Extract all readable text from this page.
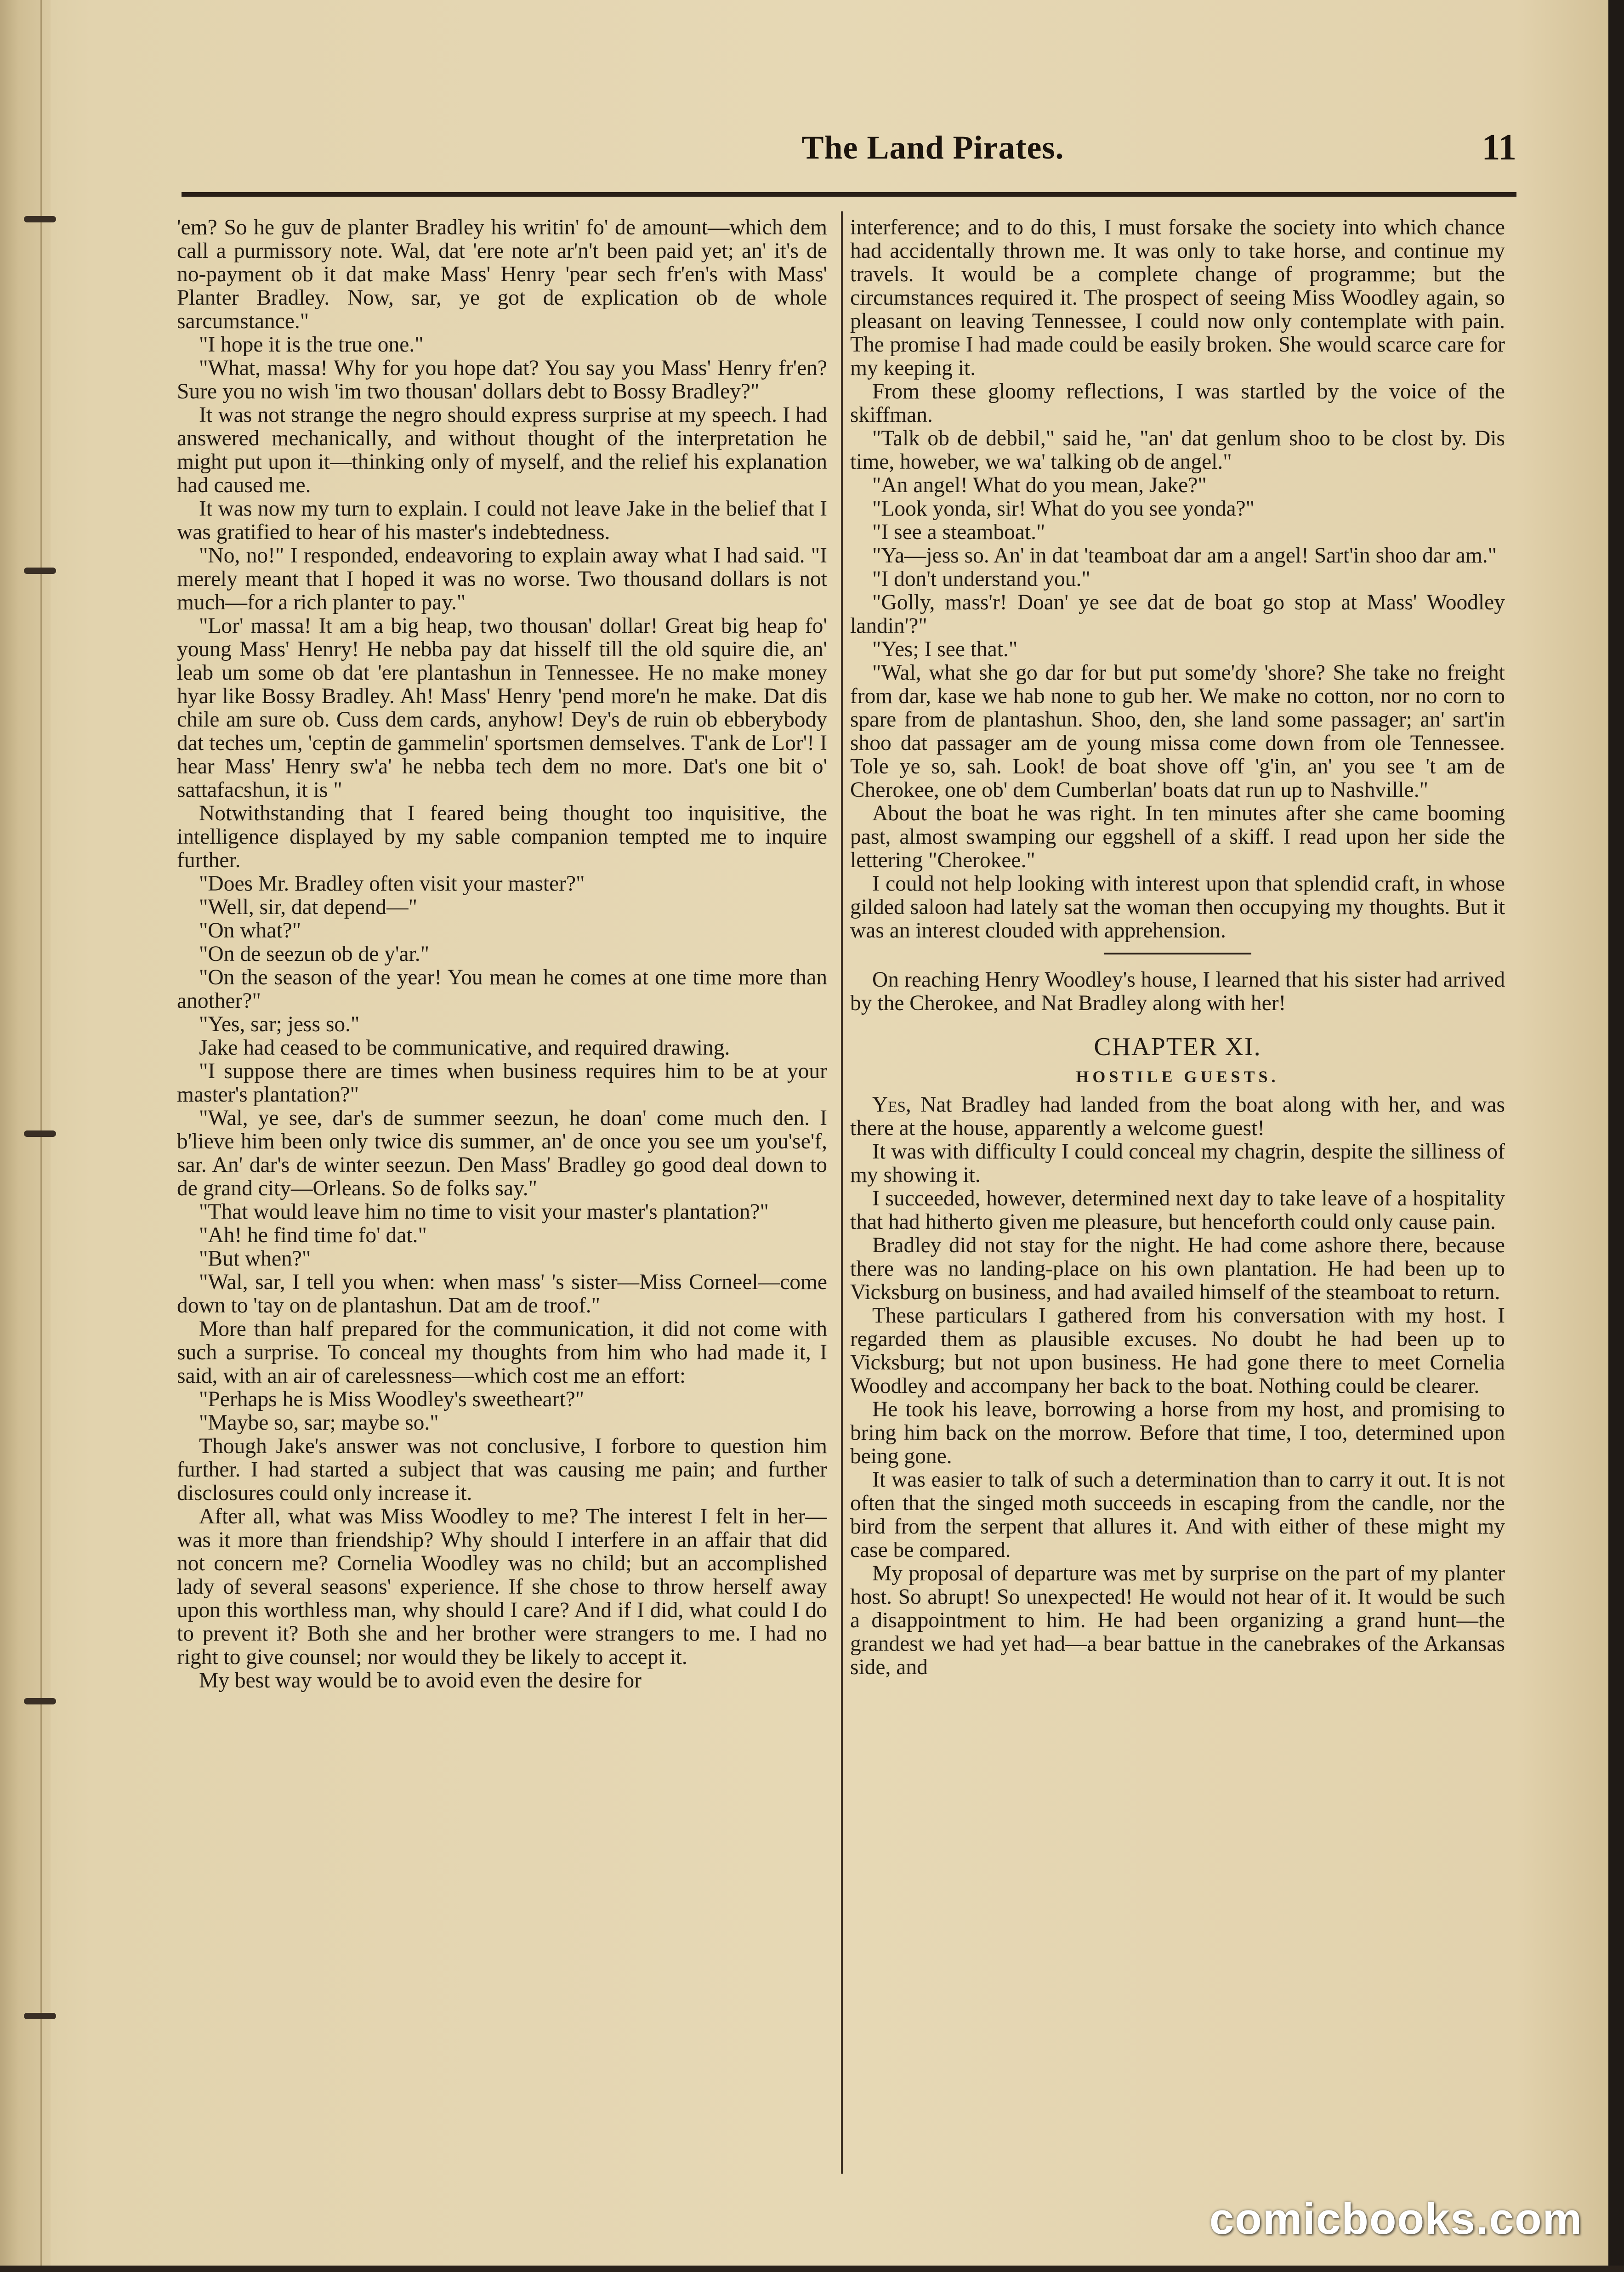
The Land Pirates.	11

'em? So he guv de planter Bradley his writin' fo' de amount—which dem call a purmissory note. Wal, dat 'ere note ar'n't been paid yet; an' it's de no-payment ob it dat make Mass' Henry 'pear sech fr'en's with Mass' Planter Bradley. Now, sar, ye got de explication ob de whole sarcumstance."

"I hope it is the true one."

"What, massa! Why for you hope dat? You say you Mass' Henry fr'en? Sure you no wish 'im two thousan' dollars debt to Bossy Bradley?"

It was not strange the negro should express surprise at my speech. I had answered mechanically, and without thought of the interpretation he might put upon it—thinking only of myself, and the relief his explanation had caused me.

It was now my turn to explain. I could not leave Jake in the belief that I was gratified to hear of his master's indebtedness.

"No, no!" I responded, endeavoring to explain away what I had said. "I merely meant that I hoped it was no worse. Two thousand dollars is not much—for a rich planter to pay."

"Lor' massa! It am a big heap, two thousan' dollar! Great big heap fo' young Mass' Henry! He nebba pay dat hisself till the old squire die, an' leab um some ob dat 'ere plantashun in Tennessee. He no make money hyar like Bossy Bradley. Ah! Mass' Henry 'pend more'n he make. Dat dis chile am sure ob. Cuss dem cards, anyhow! Dey's de ruin ob ebberybody dat teches um, 'ceptin de gammelin' sportsmen demselves. T'ank de Lor'! I hear Mass' Henry sw'a' he nebba tech dem no more. Dat's one bit o' sattafacshun, it is "

Notwithstanding that I feared being thought too inquisitive, the intelligence displayed by my sable companion tempted me to inquire further.

"Does Mr. Bradley often visit your master?"

"Well, sir, dat depend—"

"On what?"

"On de seezun ob de y'ar."

"On the season of the year! You mean he comes at one time more than another?"

"Yes, sar; jess so."

Jake had ceased to be communicative, and required drawing.

"I suppose there are times when business requires him to be at your master's plantation?"

"Wal, ye see, dar's de summer seezun, he doan' come much den. I b'lieve him been only twice dis summer, an' de once you see um you'se'f, sar. An' dar's de winter seezun. Den Mass' Bradley go good deal down to de grand city—Orleans. So de folks say."

"That would leave him no time to visit your master's plantation?"

"Ah! he find time fo' dat."

"But when?"

"Wal, sar, I tell you when: when mass' 's sister—Miss Corneel—come down to 'tay on de plantashun. Dat am de troof."

More than half prepared for the communication, it did not come with such a surprise. To conceal my thoughts from him who had made it, I said, with an air of carelessness—which cost me an effort:

"Perhaps he is Miss Woodley's sweetheart?"

"Maybe so, sar; maybe so."

Though Jake's answer was not conclusive, I forbore to question him further. I had started a subject that was causing me pain; and further disclosures could only increase it.

After all, what was Miss Woodley to me? The interest I felt in her—was it more than friendship? Why should I interfere in an affair that did not concern me? Cornelia Woodley was no child; but an accomplished lady of several seasons' experience. If she chose to throw herself away upon this worthless man, why should I care? And if I did, what could I do to prevent it? Both she and her brother were strangers to me. I had no right to give counsel; nor would they be likely to accept it.

My best way would be to avoid even the desire for

interference; and to do this, I must forsake the society into which chance had accidentally thrown me. It was only to take horse, and continue my travels. It would be a complete change of programme; but the circumstances required it. The prospect of seeing Miss Woodley again, so pleasant on leaving Tennessee, I could now only contemplate with pain. The promise I had made could be easily broken. She would scarce care for my keeping it.

From these gloomy reflections, I was startled by the voice of the skiffman.

"Talk ob de debbil," said he, "an' dat genlum shoo to be clost by. Dis time, howeber, we wa' talking ob de angel."

"An angel! What do you mean, Jake?"

"Look yonda, sir! What do you see yonda?"

"I see a steamboat."

"Ya—jess so. An' in dat 'teamboat dar am a angel! Sart'in shoo dar am."

"I don't understand you."

"Golly, mass'r! Doan' ye see dat de boat go stop at Mass' Woodley landin'?"

"Yes; I see that."

"Wal, what she go dar for but put some'dy 'shore? She take no freight from dar, kase we hab none to gub her. We make no cotton, nor no corn to spare from de plantashun. Shoo, den, she land some passager; an' sart'in shoo dat passager am de young missa come down from ole Tennessee. Tole ye so, sah. Look! de boat shove off 'g'in, an' you see 't am de Cherokee, one ob' dem Cumberlan' boats dat run up to Nashville."

About the boat he was right. In ten minutes after she came booming past, almost swamping our eggshell of a skiff. I read upon her side the lettering "Cherokee."

I could not help looking with interest upon that splendid craft, in whose gilded saloon had lately sat the woman then occupying my thoughts. But it was an interest clouded with apprehension.

On reaching Henry Woodley's house, I learned that his sister had arrived by the Cherokee, and Nat Bradley along with her!

CHAPTER XI.
HOSTILE GUESTS.

Yes, Nat Bradley had landed from the boat along with her, and was there at the house, apparently a welcome guest!

It was with difficulty I could conceal my chagrin, despite the silliness of my showing it.

I succeeded, however, determined next day to take leave of a hospitality that had hitherto given me pleasure, but henceforth could only cause pain.

Bradley did not stay for the night. He had come ashore there, because there was no landing-place on his own plantation. He had been up to Vicksburg on business, and had availed himself of the steamboat to return.

These particulars I gathered from his conversation with my host. I regarded them as plausible excuses. No doubt he had been up to Vicksburg; but not upon business. He had gone there to meet Cornelia Woodley and accompany her back to the boat. Nothing could be clearer.

He took his leave, borrowing a horse from my host, and promising to bring him back on the morrow. Before that time, I too, determined upon being gone.

It was easier to talk of such a determination than to carry it out. It is not often that the singed moth succeeds in escaping from the candle, nor the bird from the serpent that allures it. And with either of these might my case be compared.

My proposal of departure was met by surprise on the part of my planter host. So abrupt! So unexpected! He would not hear of it. It would be such a disappointment to him. He had been organizing a grand hunt—the grandest we had yet had—a bear battue in the canebrakes of the Arkansas side, and

comicbooks.com
